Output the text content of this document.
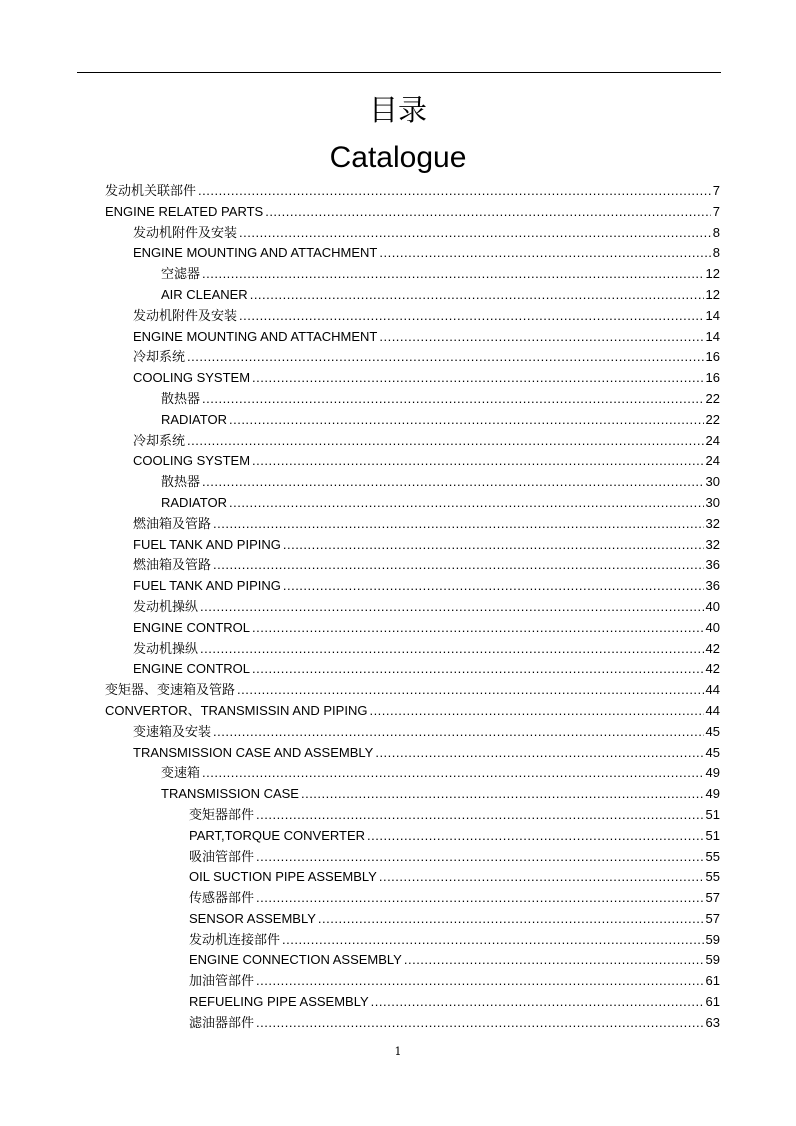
目录
Catalogue
发动机关联部件 .....	7
ENGINE RELATED PARTS .....	7
发动机附件及安装 .....	8
ENGINE MOUNTING AND ATTACHMENT .....	8
空滤器 .....	12
AIR CLEANER .....	12
发动机附件及安装 .....	14
ENGINE MOUNTING AND ATTACHMENT .....	14
冷却系统 .....	16
COOLING SYSTEM .....	16
散热器 .....	22
RADIATOR .....	22
冷却系统 .....	24
COOLING SYSTEM .....	24
散热器 .....	30
RADIATOR .....	30
燃油箱及管路 .....	32
FUEL TANK AND PIPING .....	32
燃油箱及管路 .....	36
FUEL TANK AND PIPING .....	36
发动机操纵 .....	40
ENGINE CONTROL .....	40
发动机操纵 .....	42
ENGINE CONTROL .....	42
变矩器、变速箱及管路 .....	44
CONVERTOR、TRANSMISSIN AND PIPING .....	44
变速箱及安装 .....	45
TRANSMISSION CASE AND ASSEMBLY .....	45
变速箱 .....	49
TRANSMISSION CASE .....	49
变矩器部件 .....	51
PART,TORQUE CONVERTER .....	51
吸油管部件 .....	55
OIL SUCTION PIPE ASSEMBLY .....	55
传感器部件 .....	57
SENSOR ASSEMBLY .....	57
发动机连接部件 .....	59
ENGINE CONNECTION ASSEMBLY .....	59
加油管部件 .....	61
REFUELING PIPE ASSEMBLY .....	61
滤油器部件 .....	63
1
